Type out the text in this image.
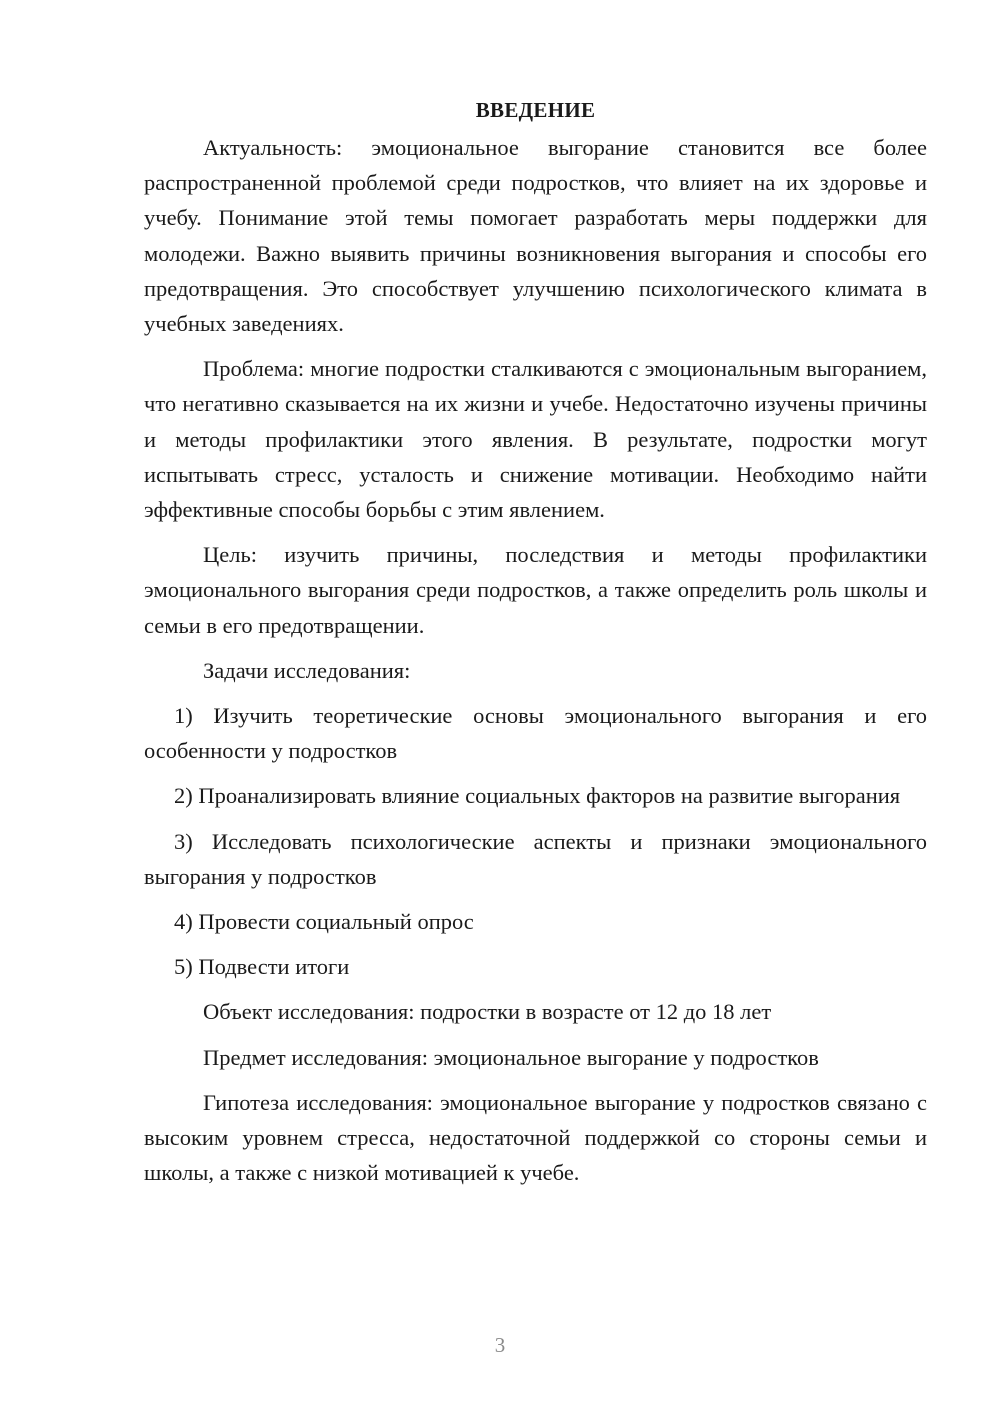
ВВЕДЕНИЕ

Актуальность: эмоциональное выгорание становится все более распространенной проблемой среди подростков, что влияет на их здоровье и учебу. Понимание этой темы помогает разработать меры поддержки для молодежи. Важно выявить причины возникновения выгорания и способы его предотвращения. Это способствует улучшению психологического климата в учебных заведениях.

Проблема: многие подростки сталкиваются с эмоциональным выгоранием, что негативно сказывается на их жизни и учебе. Недостаточно изучены причины и методы профилактики этого явления. В результате, подростки могут испытывать стресс, усталость и снижение мотивации. Необходимо найти эффективные способы борьбы с этим явлением.

Цель: изучить причины, последствия и методы профилактики эмоционального выгорания среди подростков, а также определить роль школы и семьи в его предотвращении.

Задачи исследования:

1) Изучить теоретические основы эмоционального выгорания и его особенности у подростков

2) Проанализировать влияние социальных факторов на развитие выгорания

3) Исследовать психологические аспекты и признаки эмоционального выгорания у подростков

4) Провести социальный опрос

5) Подвести итоги

Объект исследования: подростки в возрасте от 12 до 18 лет

Предмет исследования: эмоциональное выгорание у подростков

Гипотеза исследования: эмоциональное выгорание у подростков связано с высоким уровнем стресса, недостаточной поддержкой со стороны семьи и школы, а также с низкой мотивацией к учебе.

3
